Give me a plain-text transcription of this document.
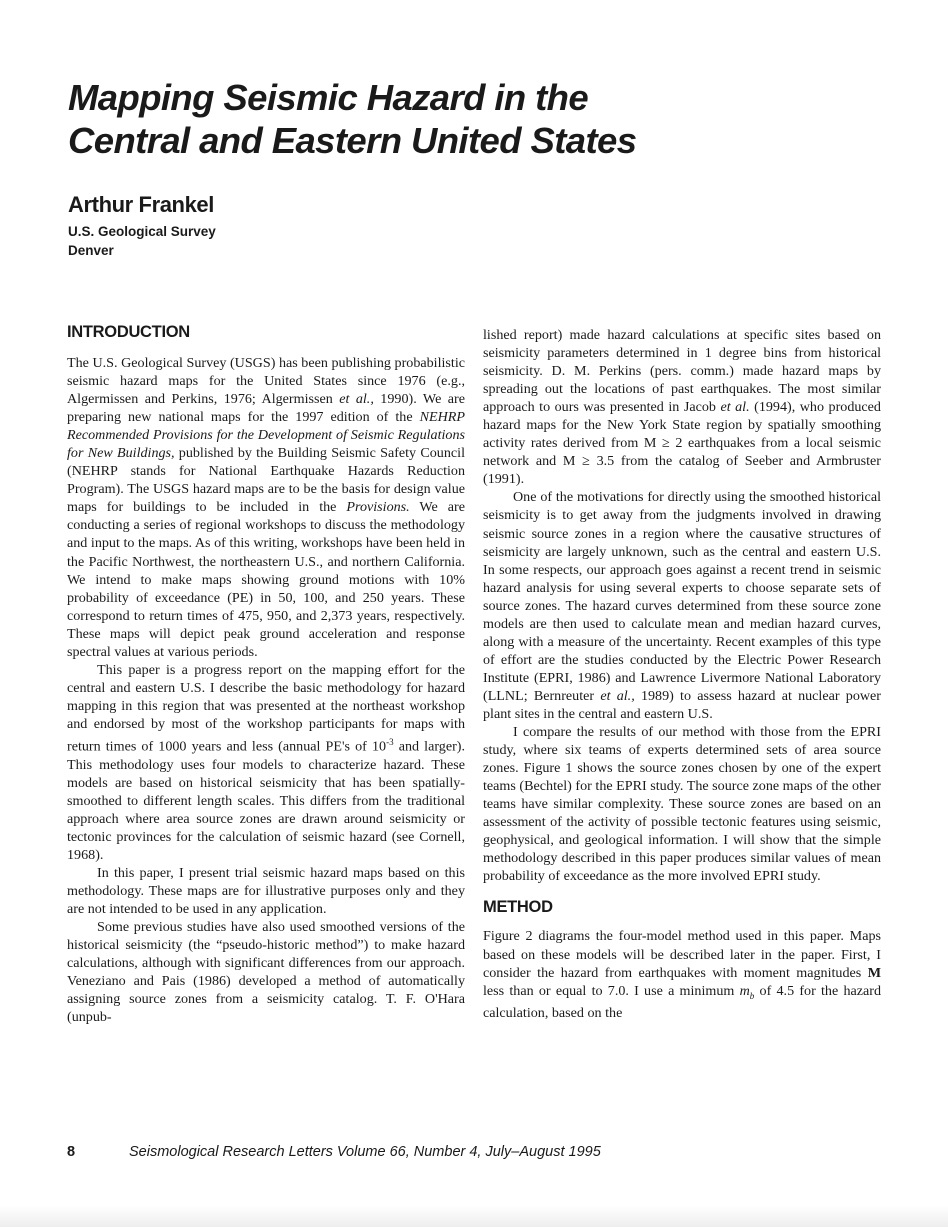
Mapping Seismic Hazard in the
Central and Eastern United States
Arthur Frankel
U.S. Geological Survey
Denver
INTRODUCTION

The U.S. Geological Survey (USGS) has been publishing probabilistic seismic hazard maps for the United States since 1976 (e.g., Algermissen and Perkins, 1976; Algermissen et al., 1990). We are preparing new national maps for the 1997 edition of the NEHRP Recommended Provisions for the Development of Seismic Regulations for New Buildings, published by the Building Seismic Safety Council (NEHRP stands for National Earthquake Hazards Reduction Program). The USGS hazard maps are to be the basis for design value maps for buildings to be included in the Provisions. We are conducting a series of regional workshops to discuss the methodology and input to the maps. As of this writing, workshops have been held in the Pacific Northwest, the northeastern U.S., and northern California. We intend to make maps showing ground motions with 10% probability of exceedance (PE) in 50, 100, and 250 years. These correspond to return times of 475, 950, and 2,373 years, respectively. These maps will depict peak ground acceleration and response spectral values at various periods.

This paper is a progress report on the mapping effort for the central and eastern U.S. I describe the basic methodology for hazard mapping in this region that was presented at the northeast workshop and endorsed by most of the workshop participants for maps with return times of 1000 years and less (annual PE's of $10^{-3}$ and larger). This methodology uses four models to characterize hazard. These models are based on historical seismicity that has been spatially-smoothed to different length scales. This differs from the traditional approach where area source zones are drawn around seismicity or tectonic provinces for the calculation of seismic hazard (see Cornell, 1968).

In this paper, I present trial seismic hazard maps based on this methodology. These maps are for illustrative purposes only and they are not intended to be used in any application.

Some previous studies have also used smoothed versions of the historical seismicity (the “pseudo-historic method”) to make hazard calculations, although with significant differences from our approach. Veneziano and Pais (1986) developed a method of automatically assigning source zones from a seismicity catalog. T. F. O'Hara (unpub-

lished report) made hazard calculations at specific sites based on seismicity parameters determined in 1 degree bins from historical seismicity. D. M. Perkins (pers. comm.) made hazard maps by spreading out the locations of past earthquakes. The most similar approach to ours was presented in Jacob et al. (1994), who produced hazard maps for the New York State region by spatially smoothing activity rates derived from M ≥ 2 earthquakes from a local seismic network and M ≥ 3.5 from the catalog of Seeber and Armbruster (1991).

One of the motivations for directly using the smoothed historical seismicity is to get away from the judgments involved in drawing seismic source zones in a region where the causative structures of seismicity are largely unknown, such as the central and eastern U.S. In some respects, our approach goes against a recent trend in seismic hazard analysis for using several experts to choose separate sets of source zones. The hazard curves determined from these source zone models are then used to calculate mean and median hazard curves, along with a measure of the uncertainty. Recent examples of this type of effort are the studies conducted by the Electric Power Research Institute (EPRI, 1986) and Lawrence Livermore National Laboratory (LLNL; Bernreuter et al., 1989) to assess hazard at nuclear power plant sites in the central and eastern U.S.

I compare the results of our method with those from the EPRI study, where six teams of experts determined sets of area source zones. Figure 1 shows the source zones chosen by one of the expert teams (Bechtel) for the EPRI study. The source zone maps of the other teams have similar complexity. These source zones are based on an assessment of the activity of possible tectonic features using seismic, geophysical, and geological information. I will show that the simple methodology described in this paper produces similar values of mean probability of exceedance as the more involved EPRI study.

METHOD

Figure 2 diagrams the four-model method used in this paper. Maps based on these models will be described later in the paper. First, I consider the hazard from earthquakes with moment magnitudes M less than or equal to 7.0. I use a minimum $m_b$ of 4.5 for the hazard calculation, based on the

8	Seismological Research Letters Volume 66, Number 4, July–August 1995
